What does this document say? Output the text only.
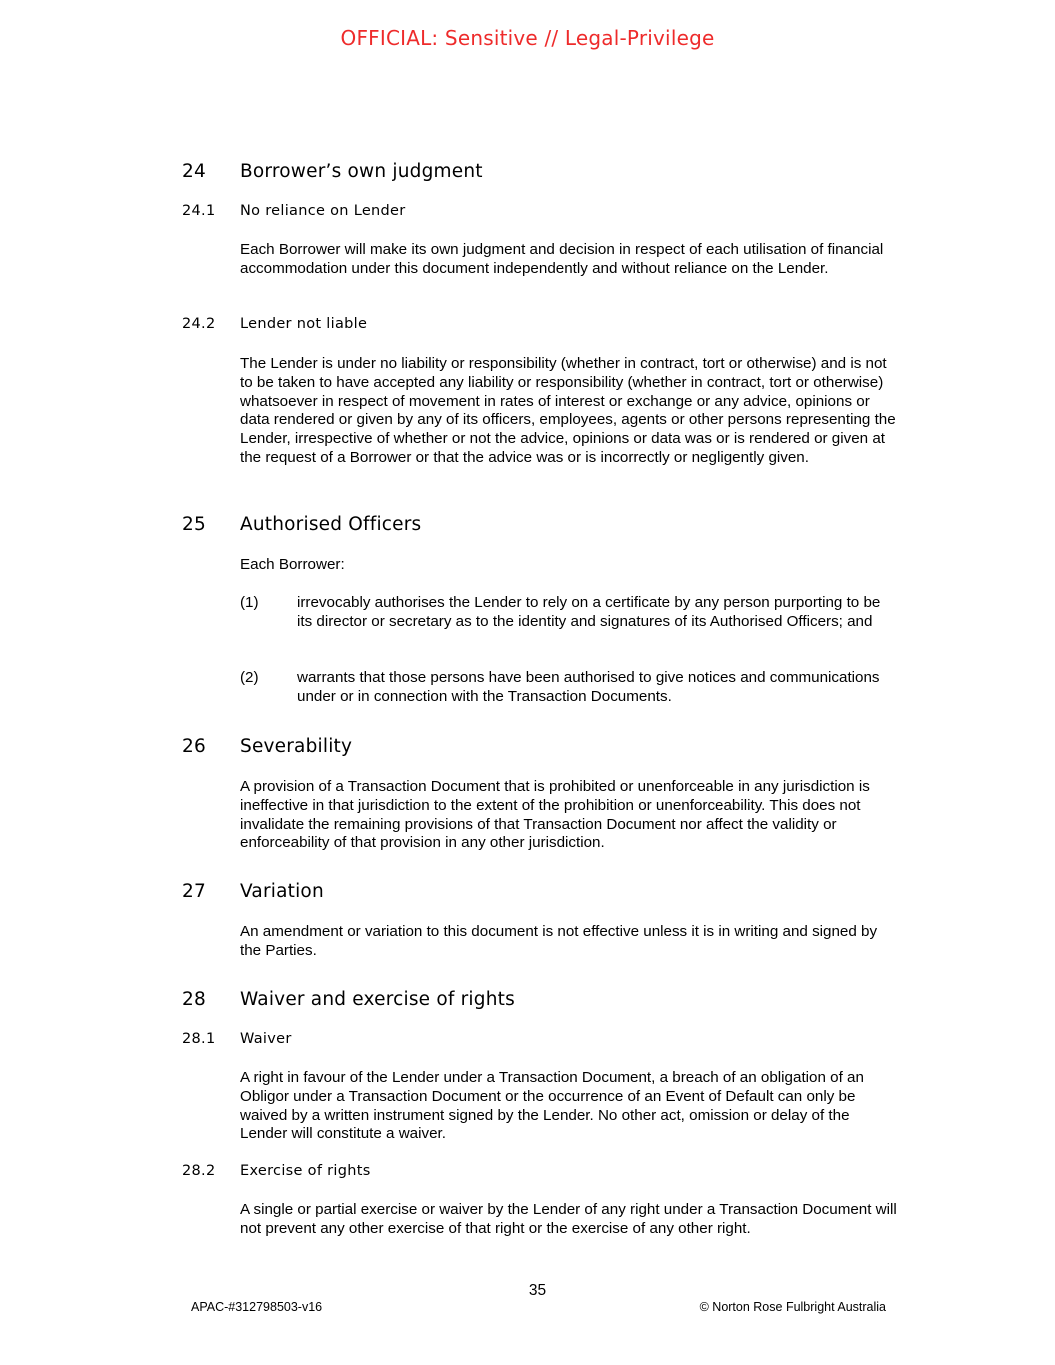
OFFICIAL: Sensitive // Legal-Privilege
24 Borrower’s own judgment
24.1 No reliance on Lender
Each Borrower will make its own judgment and decision in respect of each utilisation of financial accommodation under this document independently and without reliance on the Lender.
24.2 Lender not liable
The Lender is under no liability or responsibility (whether in contract, tort or otherwise) and is not to be taken to have accepted any liability or responsibility (whether in contract, tort or otherwise) whatsoever in respect of movement in rates of interest or exchange or any advice, opinions or data rendered or given by any of its officers, employees, agents or other persons representing the Lender, irrespective of whether or not the advice, opinions or data was or is rendered or given at the request of a Borrower or that the advice was or is incorrectly or negligently given.
25 Authorised Officers
Each Borrower:
(1)	irrevocably authorises the Lender to rely on a certificate by any person purporting to be its director or secretary as to the identity and signatures of its Authorised Officers; and
(2)	warrants that those persons have been authorised to give notices and communications under or in connection with the Transaction Documents.
26 Severability
A provision of a Transaction Document that is prohibited or unenforceable in any jurisdiction is ineffective in that jurisdiction to the extent of the prohibition or unenforceability. This does not invalidate the remaining provisions of that Transaction Document nor affect the validity or enforceability of that provision in any other jurisdiction.
27 Variation
An amendment or variation to this document is not effective unless it is in writing and signed by the Parties.
28 Waiver and exercise of rights
28.1 Waiver
A right in favour of the Lender under a Transaction Document, a breach of an obligation of an Obligor under a Transaction Document or the occurrence of an Event of Default can only be waived by a written instrument signed by the Lender. No other act, omission or delay of the Lender will constitute a waiver.
28.2 Exercise of rights
A single or partial exercise or waiver by the Lender of any right under a Transaction Document will not prevent any other exercise of that right or the exercise of any other right.
35
APAC-#312798503-v16	© Norton Rose Fulbright Australia
